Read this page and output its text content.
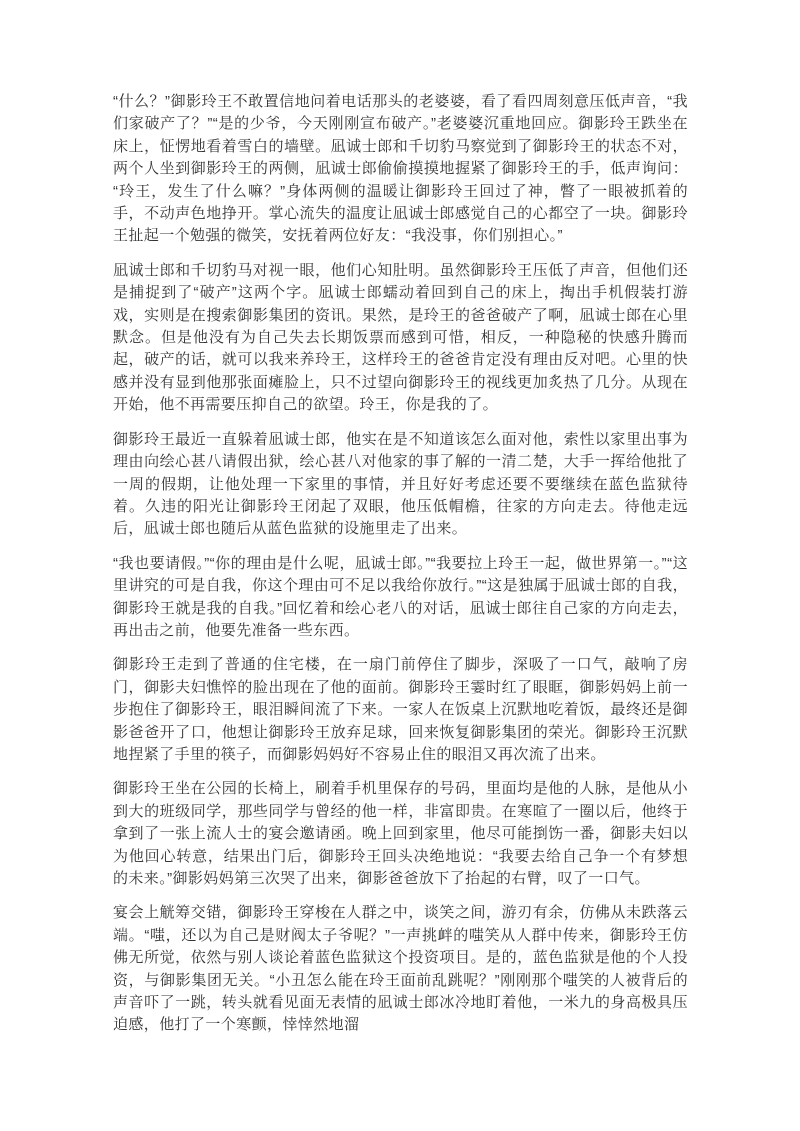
“什么？”御影玲王不敢置信地问着电话那头的老婆婆，看了看四周刻意压低声音，“我们家破产了？”“是的少爷，今天刚刚宣布破产。”老婆婆沉重地回应。御影玲王跌坐在床上，怔愣地看着雪白的墙壁。凪诚士郎和千切豹马察觉到了御影玲王的状态不对，两个人坐到御影玲王的两侧，凪诚士郎偷偷摸摸地握紧了御影玲王的手，低声询问：“玲王，发生了什么嘛？”身体两侧的温暖让御影玲王回过了神，瞥了一眼被抓着的手，不动声色地挣开。掌心流失的温度让凪诚士郎感觉自己的心都空了一块。御影玲王扯起一个勉强的微笑，安抚着两位好友：“我没事，你们别担心。”

凪诚士郎和千切豹马对视一眼，他们心知肚明。虽然御影玲王压低了声音，但他们还是捕捉到了“破产”这两个字。凪诚士郎蠕动着回到自己的床上，掏出手机假装打游戏，实则是在搜索御影集团的资讯。果然，是玲王的爸爸破产了啊，凪诚士郎在心里默念。但是他没有为自己失去长期饭票而感到可惜，相反，一种隐秘的快感升腾而起，破产的话，就可以我来养玲王，这样玲王的爸爸肯定没有理由反对吧。心里的快感并没有显到他那张面瘫脸上，只不过望向御影玲王的视线更加炙热了几分。从现在开始，他不再需要压抑自己的欲望。玲王，你是我的了。

御影玲王最近一直躲着凪诚士郎，他实在是不知道该怎么面对他，索性以家里出事为理由向绘心甚八请假出狱，绘心甚八对他家的事了解的一清二楚，大手一挥给他批了一周的假期，让他处理一下家里的事情，并且好好考虑还要不要继续在蓝色监狱待着。久违的阳光让御影玲王闭起了双眼，他压低帽檐，往家的方向走去。待他走远后，凪诚士郎也随后从蓝色监狱的设施里走了出来。

“我也要请假。”“你的理由是什么呢，凪诚士郎。”“我要拉上玲王一起，做世界第一。”“这里讲究的可是自我，你这个理由可不足以我给你放行。”“这是独属于凪诚士郎的自我，御影玲王就是我的自我。”回忆着和绘心老八的对话，凪诚士郎往自己家的方向走去，再出击之前，他要先准备一些东西。

御影玲王走到了普通的住宅楼，在一扇门前停住了脚步，深吸了一口气，敲响了房门，御影夫妇憔悴的脸出现在了他的面前。御影玲王霎时红了眼眶，御影妈妈上前一步抱住了御影玲王，眼泪瞬间流了下来。一家人在饭桌上沉默地吃着饭，最终还是御影爸爸开了口，他想让御影玲王放弃足球，回来恢复御影集团的荣光。御影玲王沉默地捏紧了手里的筷子，而御影妈妈好不容易止住的眼泪又再次流了出来。

御影玲王坐在公园的长椅上，刷着手机里保存的号码，里面均是他的人脉，是他从小到大的班级同学，那些同学与曾经的他一样，非富即贵。在寒暄了一圈以后，他终于拿到了一张上流人士的宴会邀请函。晚上回到家里，他尽可能捯饬一番，御影夫妇以为他回心转意，结果出门后，御影玲王回头决绝地说：“我要去给自己争一个有梦想的未来。”御影妈妈第三次哭了出来，御影爸爸放下了抬起的右臂，叹了一口气。

宴会上觥筹交错，御影玲王穿梭在人群之中，谈笑之间，游刃有余，仿佛从未跌落云端。“嗤，还以为自己是财阀太子爷呢？”一声挑衅的嗤笑从人群中传来，御影玲王仿佛无所觉，依然与别人谈论着蓝色监狱这个投资项目。是的，蓝色监狱是他的个人投资，与御影集团无关。“小丑怎么能在玲王面前乱跳呢？”刚刚那个嗤笑的人被背后的声音吓了一跳，转头就看见面无表情的凪诚士郎冰冷地盯着他，一米九的身高极具压迫感，他打了一个寒颤，悻悻然地溜
